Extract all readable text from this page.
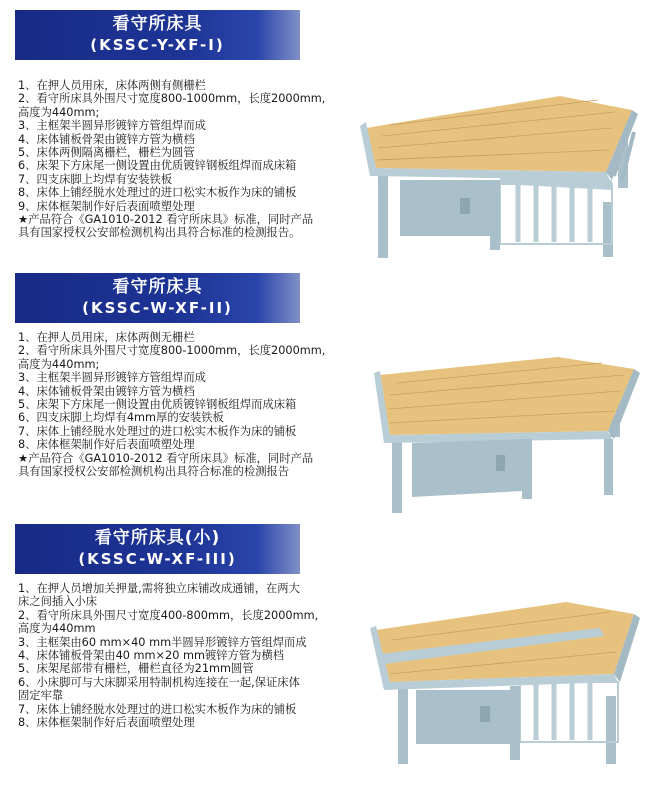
看守所床具
(KSSC-Y-XF-I)
1、在押人员用床，床体两侧有侧栅栏
2、看守所床具外围尺寸宽度800-1000mm，长度2000mm,
高度为440mm;
3、主框架半圆异形镀锌方管组焊而成
4、床体铺板骨架由镀锌方管为横档
5、床体两侧隔离栅栏，栅栏为圆管
6、床架下方床尾一侧设置由优质镀锌钢板组焊而成床箱
7、四支床脚上均焊有安装铁板
8、床体上铺经脱水处理过的进口松实木板作为床的铺板
9、床体框架制作好后表面喷塑处理
★产品符合《GA1010-2012 看守所床具》标准，同时产品
具有国家授权公安部检测机构出具符合标准的检测报告。
看守所床具
(KSSC-W-XF-II)
1、在押人员用床，床体两侧无栅栏
2、看守所床具外围尺寸宽度800-1000mm，长度2000mm,
高度为440mm;
3、主框架半圆异形镀锌方管组焊而成
4、床体铺板骨架由镀锌方管为横档
5、床架下方床尾一侧设置由优质镀锌钢板组焊而成床箱
6、四支床脚上均焊有4mm厚的安装铁板
7、床体上铺经脱水处理过的进口松实木板作为床的铺板
8、床体框架制作好后表面喷塑处理
★产品符合《GA1010-2012 看守所床具》标准，同时产品
具有国家授权公安部检测机构出具符合标准的检测报告
看守所床具(小)
(KSSC-W-XF-III)
1、在押人员增加关押量,需将独立床铺改成通铺，在两大
床之间插入小床
2、看守所床具外围尺寸宽度400-800mm，长度2000mm,
高度为440mm
3、主框架由60 mm×40 mm半圆异形镀锌方管组焊而成
4、床体铺板骨架由40 mm×20 mm镀锌方管为横档
5、床架尾部带有栅栏，栅栏直径为21mm圆管
6、小床脚可与大床脚采用特制机构连接在一起,保证床体
固定牢靠
7、床体上铺经脱水处理过的进口松实木板作为床的铺板
8、床体框架制作好后表面喷塑处理
